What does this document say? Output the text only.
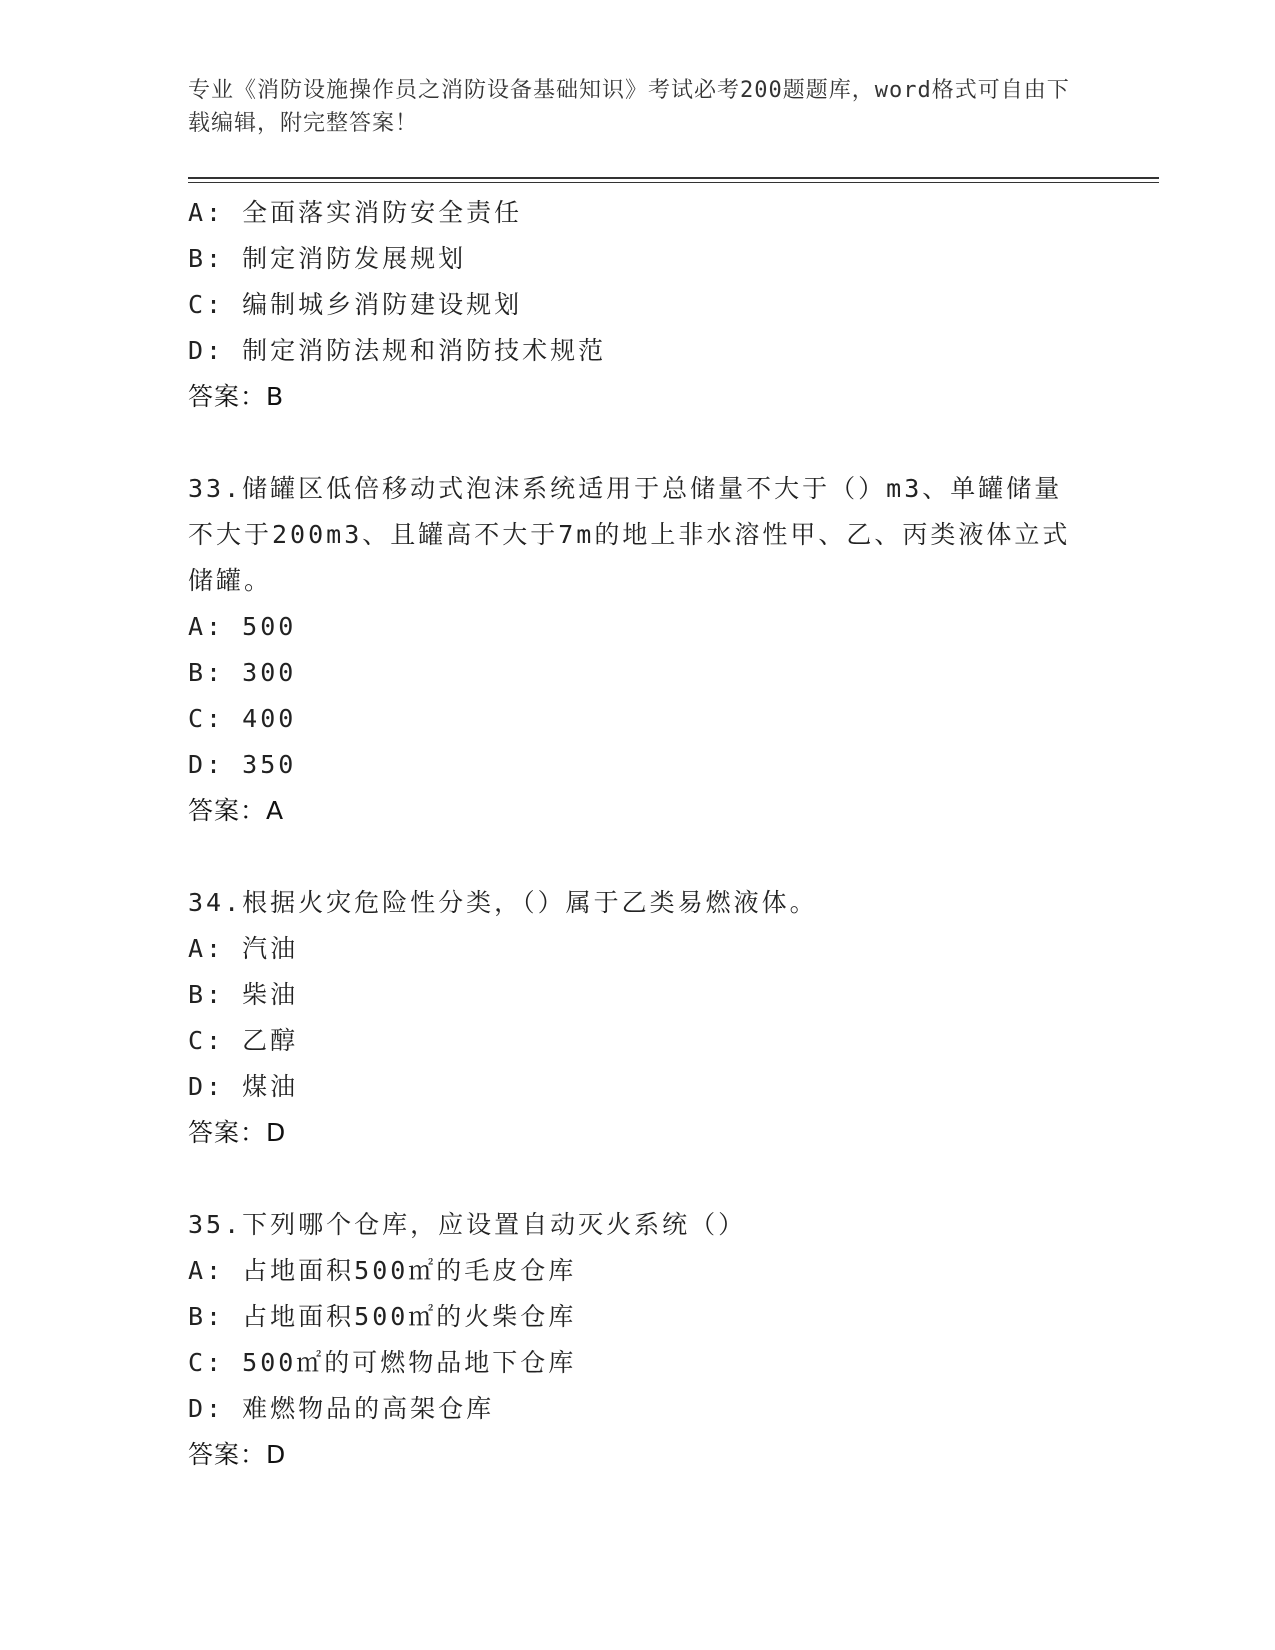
专业《消防设施操作员之消防设备基础知识》考试必考200题题库，word格式可自由下载编辑，附完整答案！
A: 全面落实消防安全责任
B: 制定消防发展规划
C: 编制城乡消防建设规划
D: 制定消防法规和消防技术规范
答案：B
33.储罐区低倍移动式泡沫系统适用于总储量不大于（）m3、单罐储量不大于200m3、且罐高不大于7m的地上非水溶性甲、乙、丙类液体立式储罐。
A: 500
B: 300
C: 400
D: 350
答案：A
34.根据火灾危险性分类，（）属于乙类易燃液体。
A: 汽油
B: 柴油
C: 乙醇
D: 煤油
答案：D
35.下列哪个仓库，应设置自动灭火系统（）
A: 占地面积500㎡的毛皮仓库
B: 占地面积500㎡的火柴仓库
C: 500㎡的可燃物品地下仓库
D: 难燃物品的高架仓库
答案：D
